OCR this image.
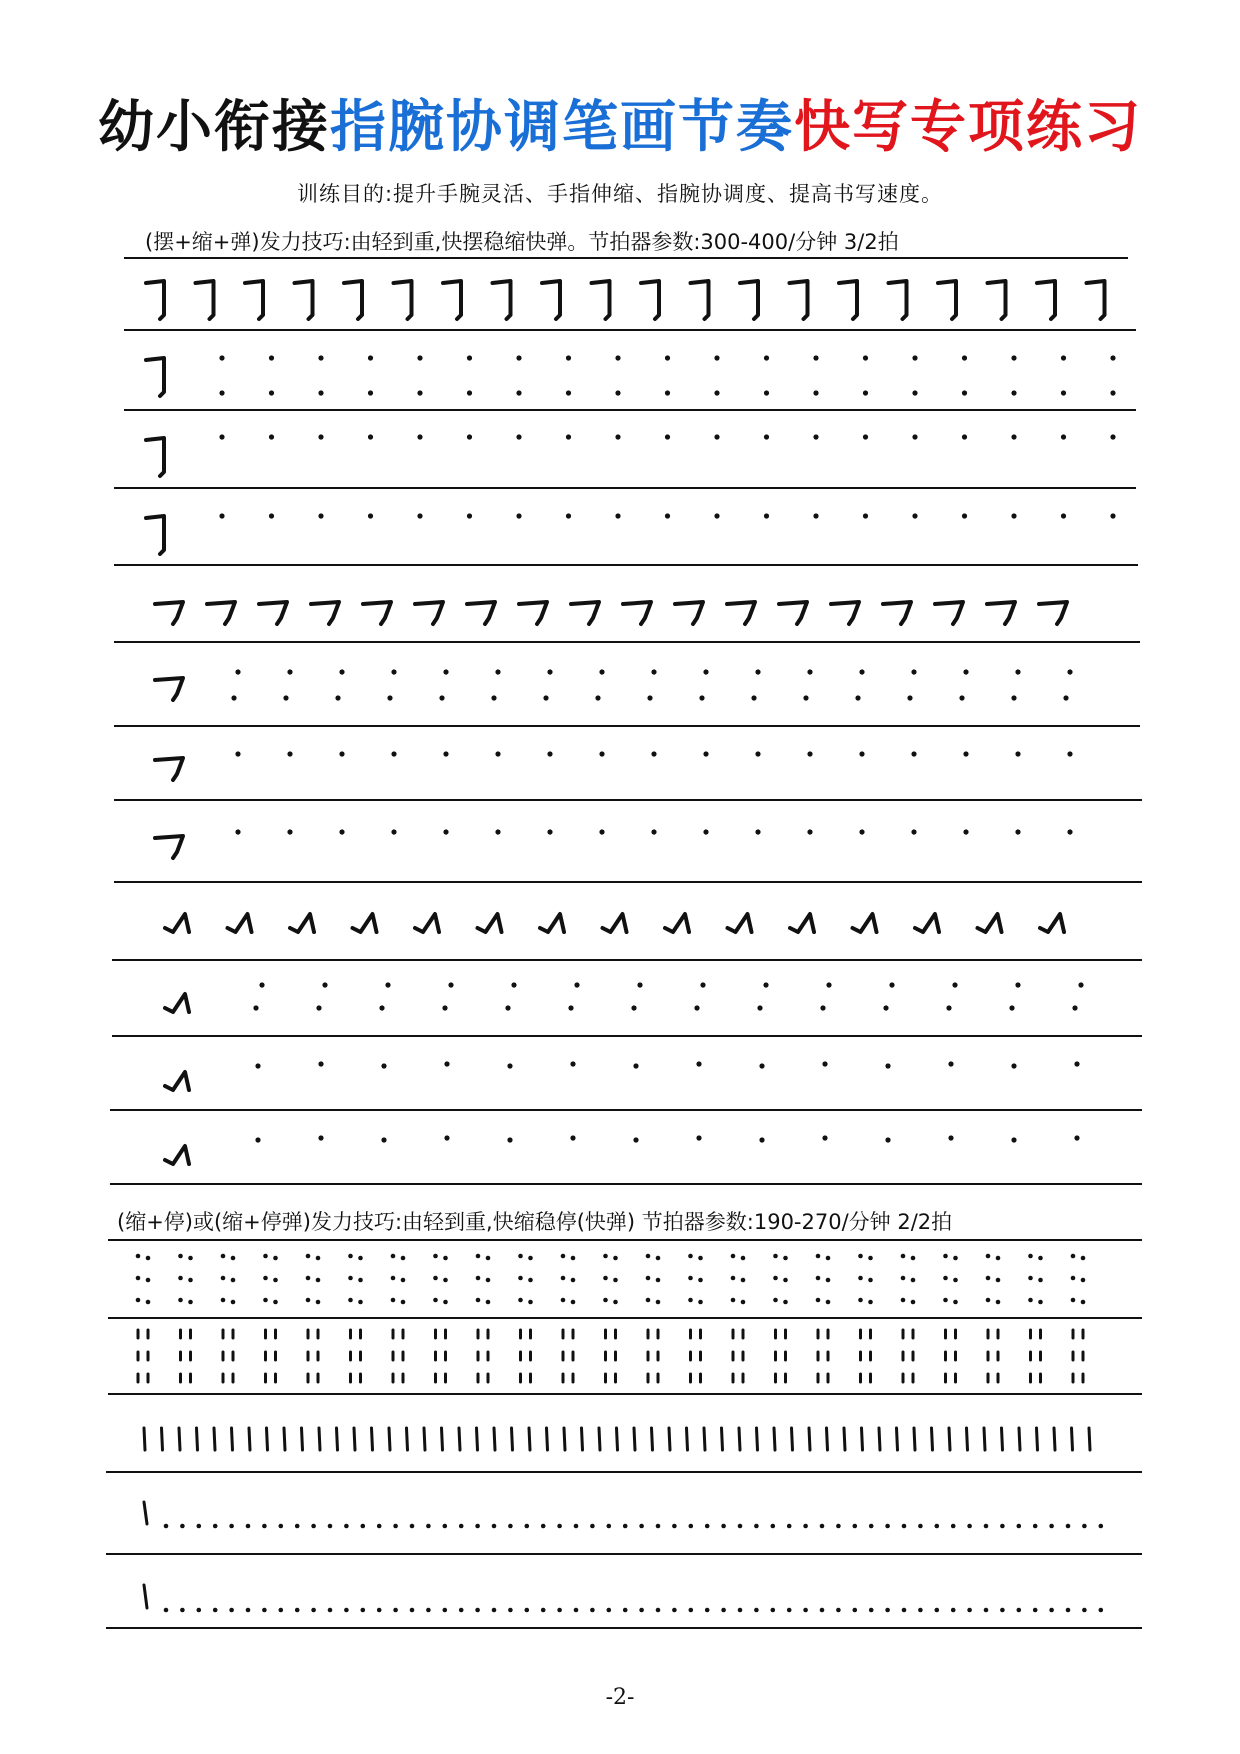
幼小衔接指腕协调笔画节奏快写专项练习
训练目的:提升手腕灵活、手指伸缩、指腕协调度、提高书写速度。
(摆+缩+弹)发力技巧:由轻到重,快摆稳缩快弹。节拍器参数:300-400/分钟 3/2拍
(缩+停)或(缩+停弹)发力技巧:由轻到重,快缩稳停(快弹) 节拍器参数:190-270/分钟 2/2拍
-2-
